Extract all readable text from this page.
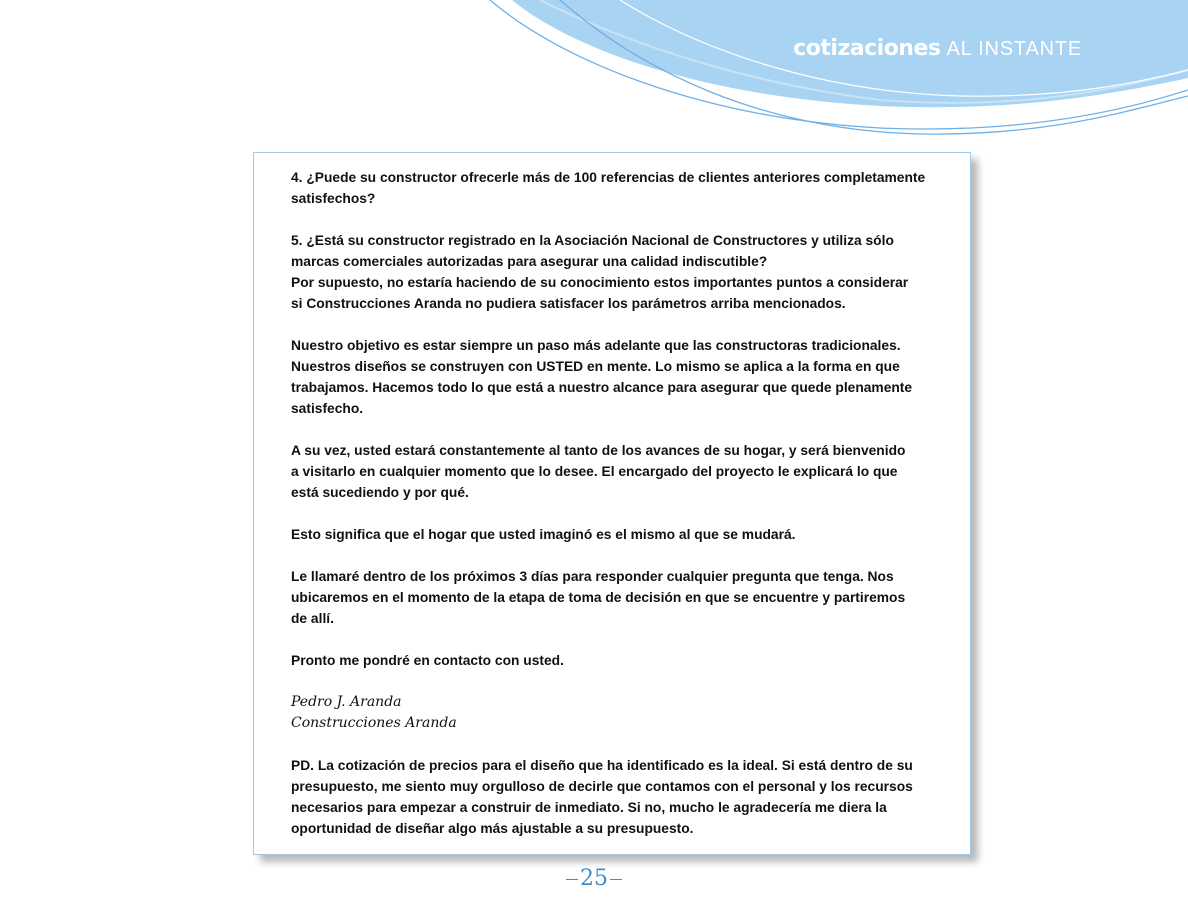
cotizaciones AL INSTANTE

4. ¿Puede su constructor ofrecerle más de 100 referencias de clientes anteriores completamente
satisfechos?

5. ¿Está su constructor registrado en la Asociación Nacional de Constructores y utiliza sólo
marcas comerciales autorizadas para asegurar una calidad indiscutible?
Por supuesto, no estaría haciendo de su conocimiento estos importantes puntos a considerar
si Construcciones Aranda no pudiera satisfacer los parámetros arriba mencionados.

Nuestro objetivo es estar siempre un paso más adelante que las constructoras tradicionales.
Nuestros diseños se construyen con USTED en mente. Lo mismo se aplica a la forma en que
trabajamos. Hacemos todo lo que está a nuestro alcance para asegurar que quede plenamente
satisfecho.

A su vez, usted estará constantemente al tanto de los avances de su hogar, y será bienvenido
a visitarlo en cualquier momento que lo desee. El encargado del proyecto le explicará lo que
está sucediendo y por qué.

Esto significa que el hogar que usted imaginó es el mismo al que se mudará.

Le llamaré dentro de los próximos 3 días para responder cualquier pregunta que tenga. Nos
ubicaremos en el momento de la etapa de toma de decisión en que se encuentre y partiremos
de allí.

Pronto me pondré en contacto con usted.

Pedro J. Aranda
Construcciones Aranda

PD. La cotización de precios para el diseño que ha identificado es la ideal. Si está dentro de su
presupuesto, me siento muy orgulloso de decirle que contamos con el personal y los recursos
necesarios para empezar a construir de inmediato. Si no, mucho le agradecería me diera la
oportunidad de diseñar algo más ajustable a su presupuesto.

25
